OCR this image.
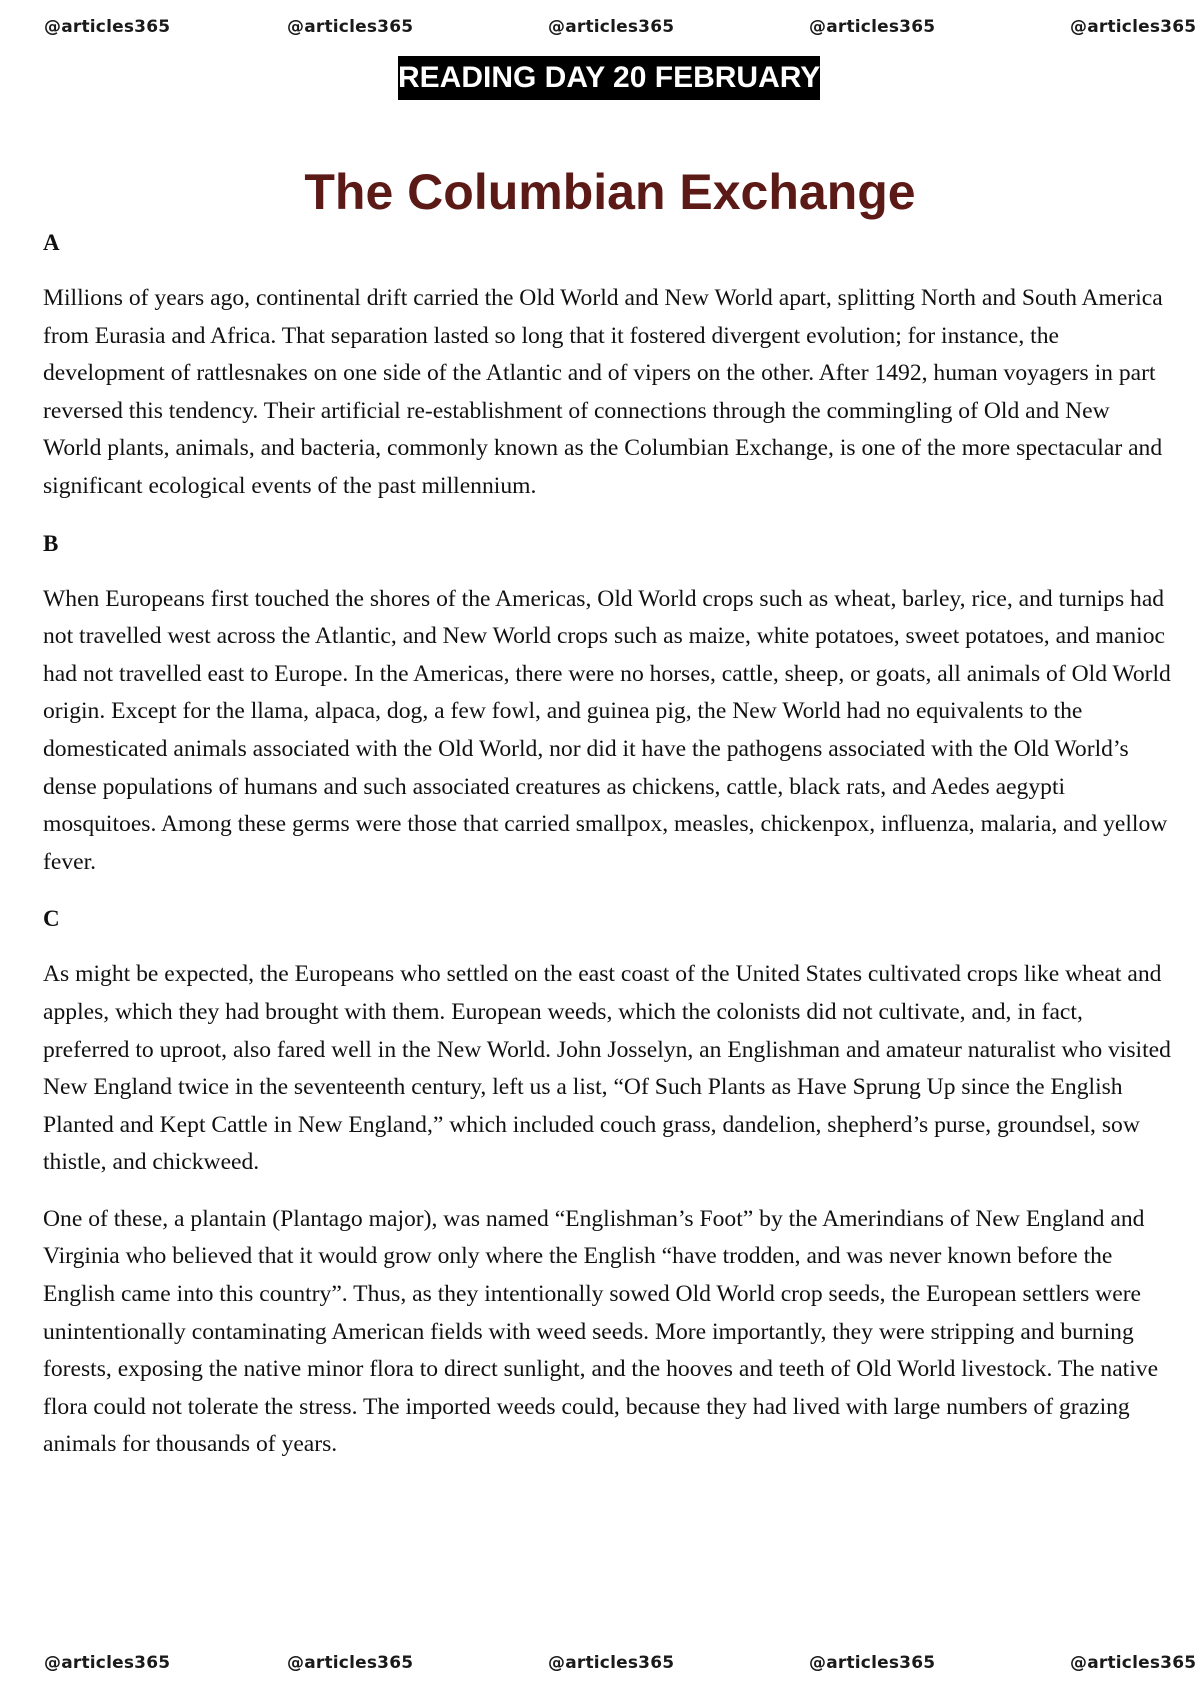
@articles365	@articles365	@articles365	@articles365	@articles365
READING DAY 20 FEBRUARY
The Columbian Exchange
A

Millions of years ago, continental drift carried the Old World and New World apart, splitting North and South America from Eurasia and Africa. That separation lasted so long that it fostered divergent evolution; for instance, the development of rattlesnakes on one side of the Atlantic and of vipers on the other. After 1492, human voyagers in part reversed this tendency. Their artificial re-establishment of connections through the commingling of Old and New World plants, animals, and bacteria, commonly known as the Columbian Exchange, is one of the more spectacular and significant ecological events of the past millennium.

B

When Europeans first touched the shores of the Americas, Old World crops such as wheat, barley, rice, and turnips had not travelled west across the Atlantic, and New World crops such as maize, white potatoes, sweet potatoes, and manioc had not travelled east to Europe. In the Americas, there were no horses, cattle, sheep, or goats, all animals of Old World origin. Except for the llama, alpaca, dog, a few fowl, and guinea pig, the New World had no equivalents to the domesticated animals associated with the Old World, nor did it have the pathogens associated with the Old World’s dense populations of humans and such associated creatures as chickens, cattle, black rats, and Aedes aegypti mosquitoes. Among these germs were those that carried smallpox, measles, chickenpox, influenza, malaria, and yellow fever.

C

As might be expected, the Europeans who settled on the east coast of the United States cultivated crops like wheat and apples, which they had brought with them. European weeds, which the colonists did not cultivate, and, in fact, preferred to uproot, also fared well in the New World. John Josselyn, an Englishman and amateur naturalist who visited New England twice in the seventeenth century, left us a list, “Of Such Plants as Have Sprung Up since the English Planted and Kept Cattle in New England,” which included couch grass, dandelion, shepherd’s purse, groundsel, sow thistle, and chickweed.

One of these, a plantain (Plantago major), was named “Englishman’s Foot” by the Amerindians of New England and Virginia who believed that it would grow only where the English “have trodden, and was never known before the English came into this country”. Thus, as they intentionally sowed Old World crop seeds, the European settlers were unintentionally contaminating American fields with weed seeds. More importantly, they were stripping and burning forests, exposing the native minor flora to direct sunlight, and the hooves and teeth of Old World livestock. The native flora could not tolerate the stress. The imported weeds could, because they had lived with large numbers of grazing animals for thousands of years.

@articles365	@articles365	@articles365	@articles365	@articles365
